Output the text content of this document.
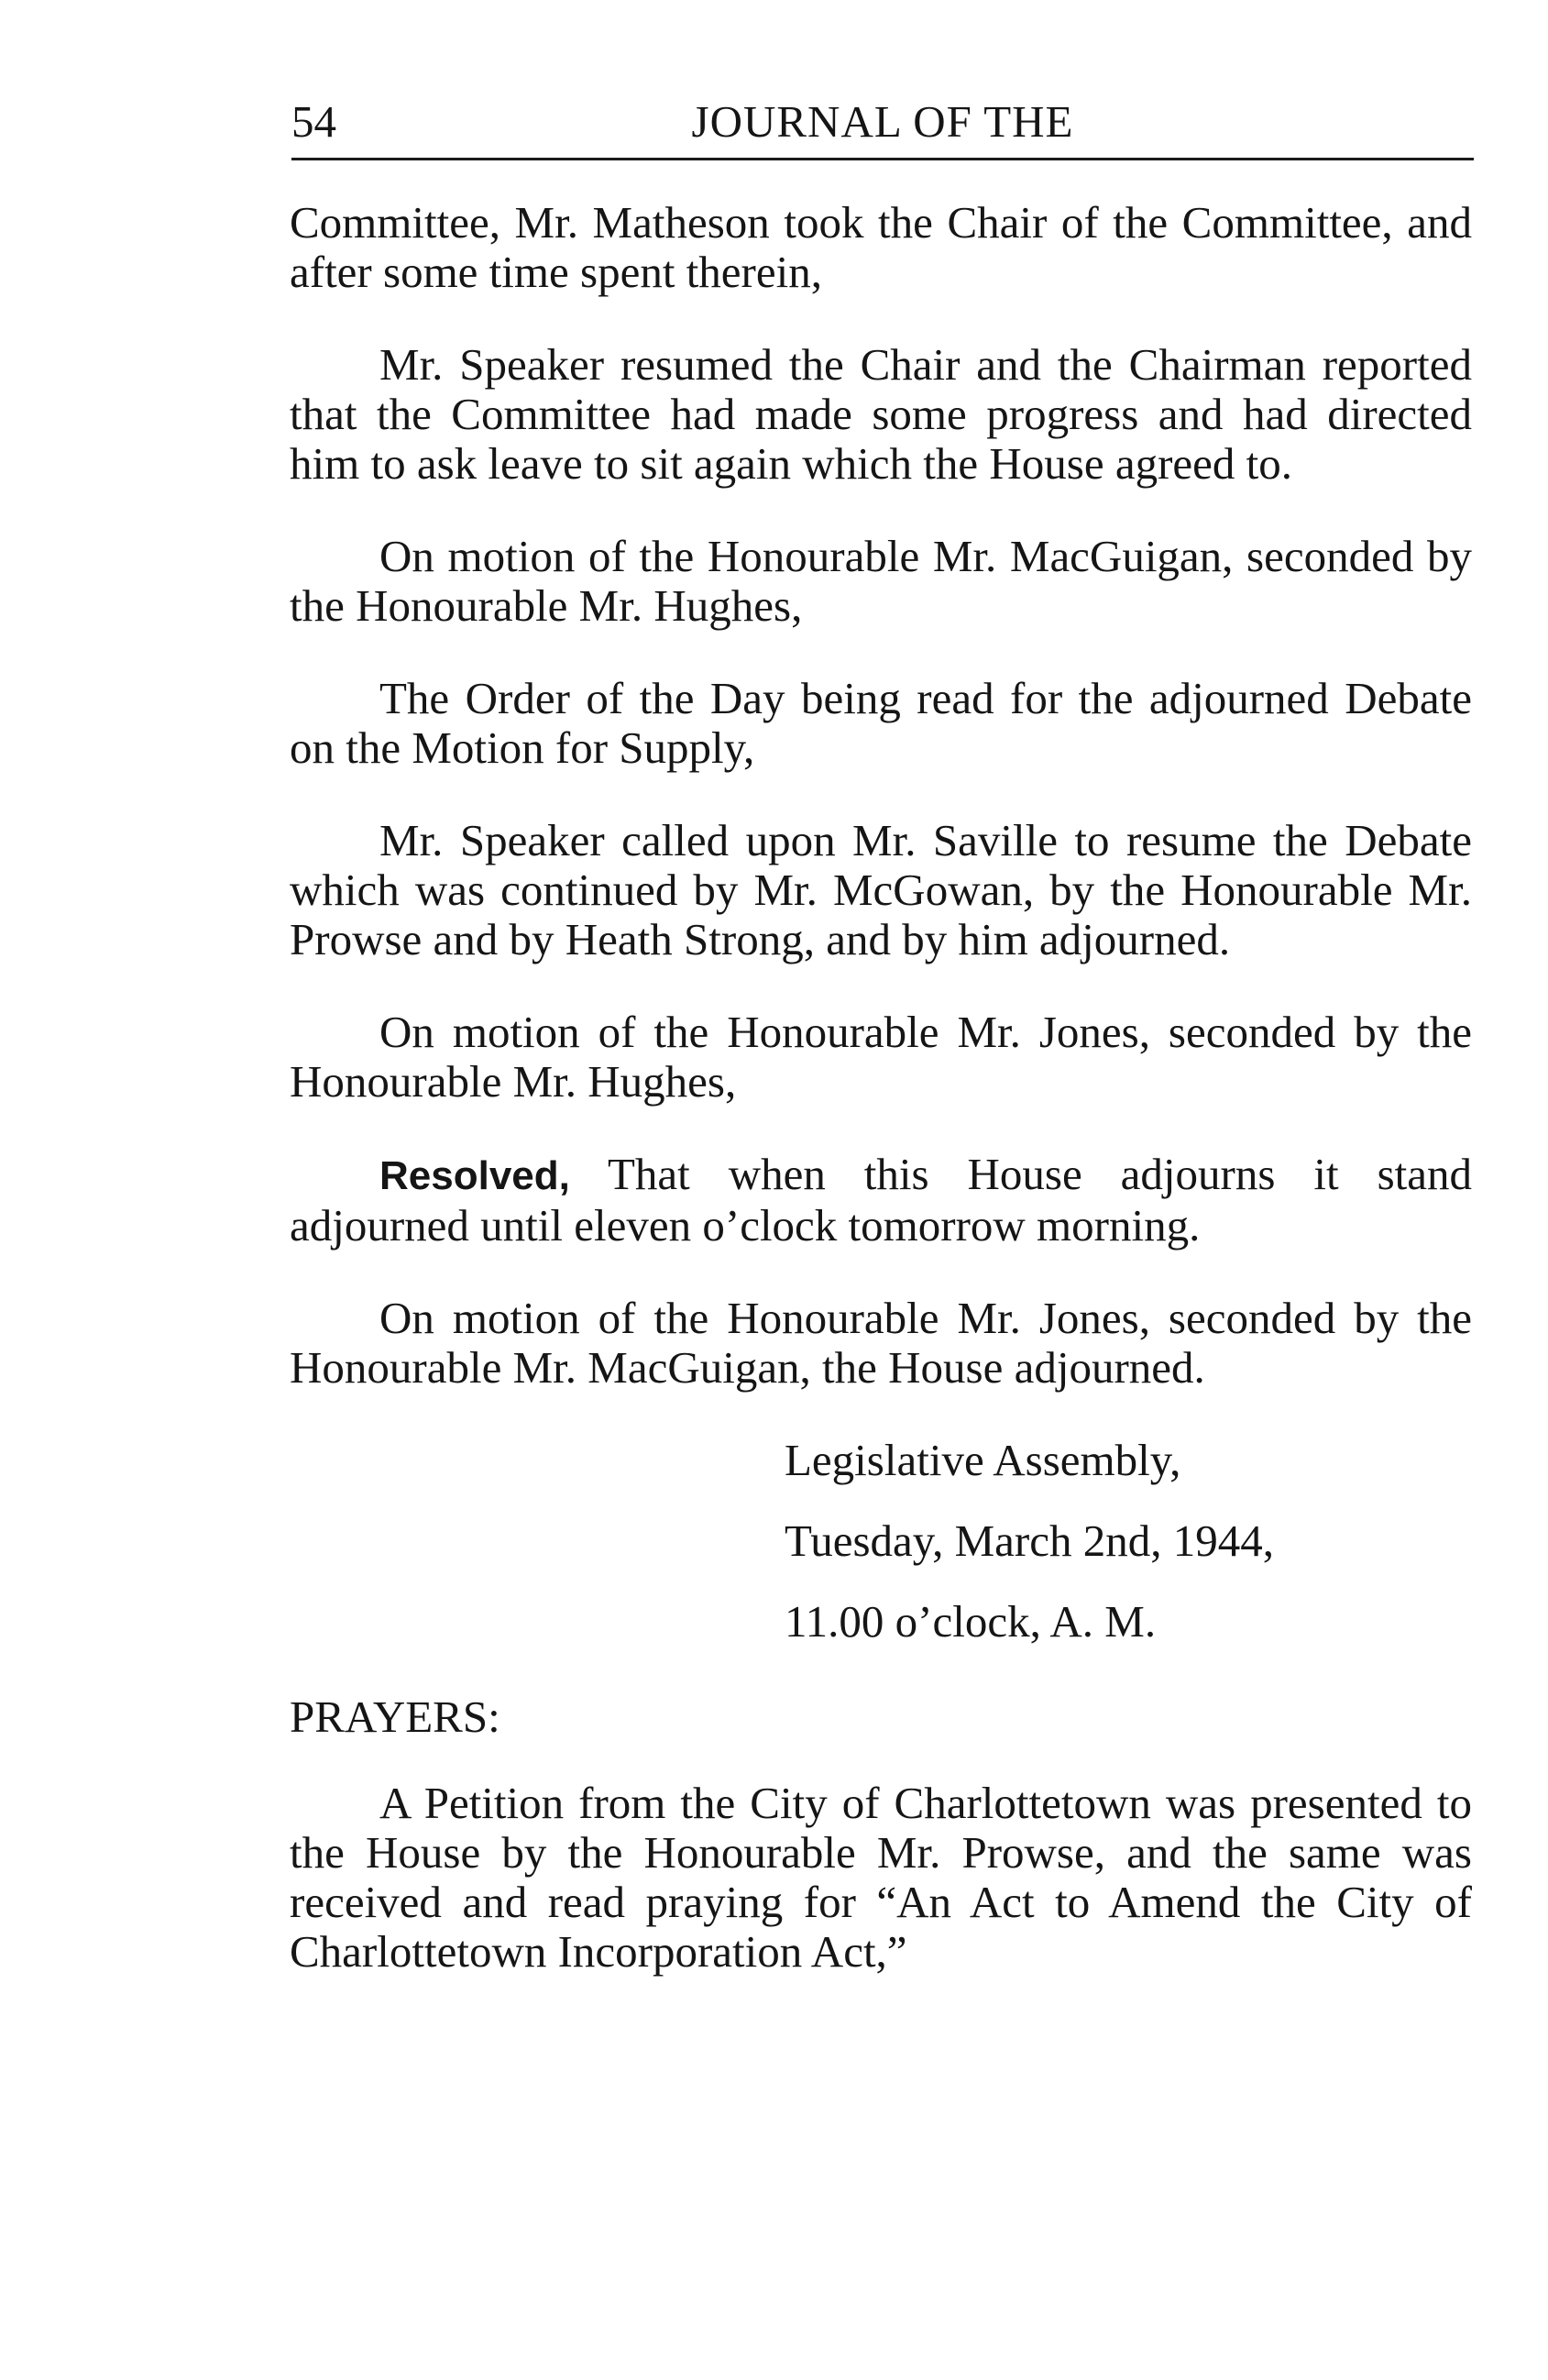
54	JOURNAL OF THE

Committee, Mr. Matheson took the Chair of the Committee, and after some time spent therein,

Mr. Speaker resumed the Chair and the Chairman reported that the Committee had made some progress and had directed him to ask leave to sit again which the House agreed to.

On motion of the Honourable Mr. MacGuigan, seconded by the Honourable Mr. Hughes,

The Order of the Day being read for the adjourned Debate on the Motion for Supply,

Mr. Speaker called upon Mr. Saville to resume the Debate which was continued by Mr. McGowan, by the Honourable Mr. Prowse and by Heath Strong, and by him adjourned.

On motion of the Honourable Mr. Jones, seconded by the Honourable Mr. Hughes,

Resolved, That when this House adjourns it stand adjourned until eleven o’clock tomorrow morning.

On motion of the Honourable Mr. Jones, seconded by the Honourable Mr. MacGuigan, the House adjourned.

Legislative Assembly,
Tuesday, March 2nd, 1944,
11.00 o’clock, A. M.

PRAYERS:

A Petition from the City of Charlottetown was presented to the House by the Honourable Mr. Prowse, and the same was received and read praying for “An Act to Amend the City of Charlottetown Incorporation Act,”
